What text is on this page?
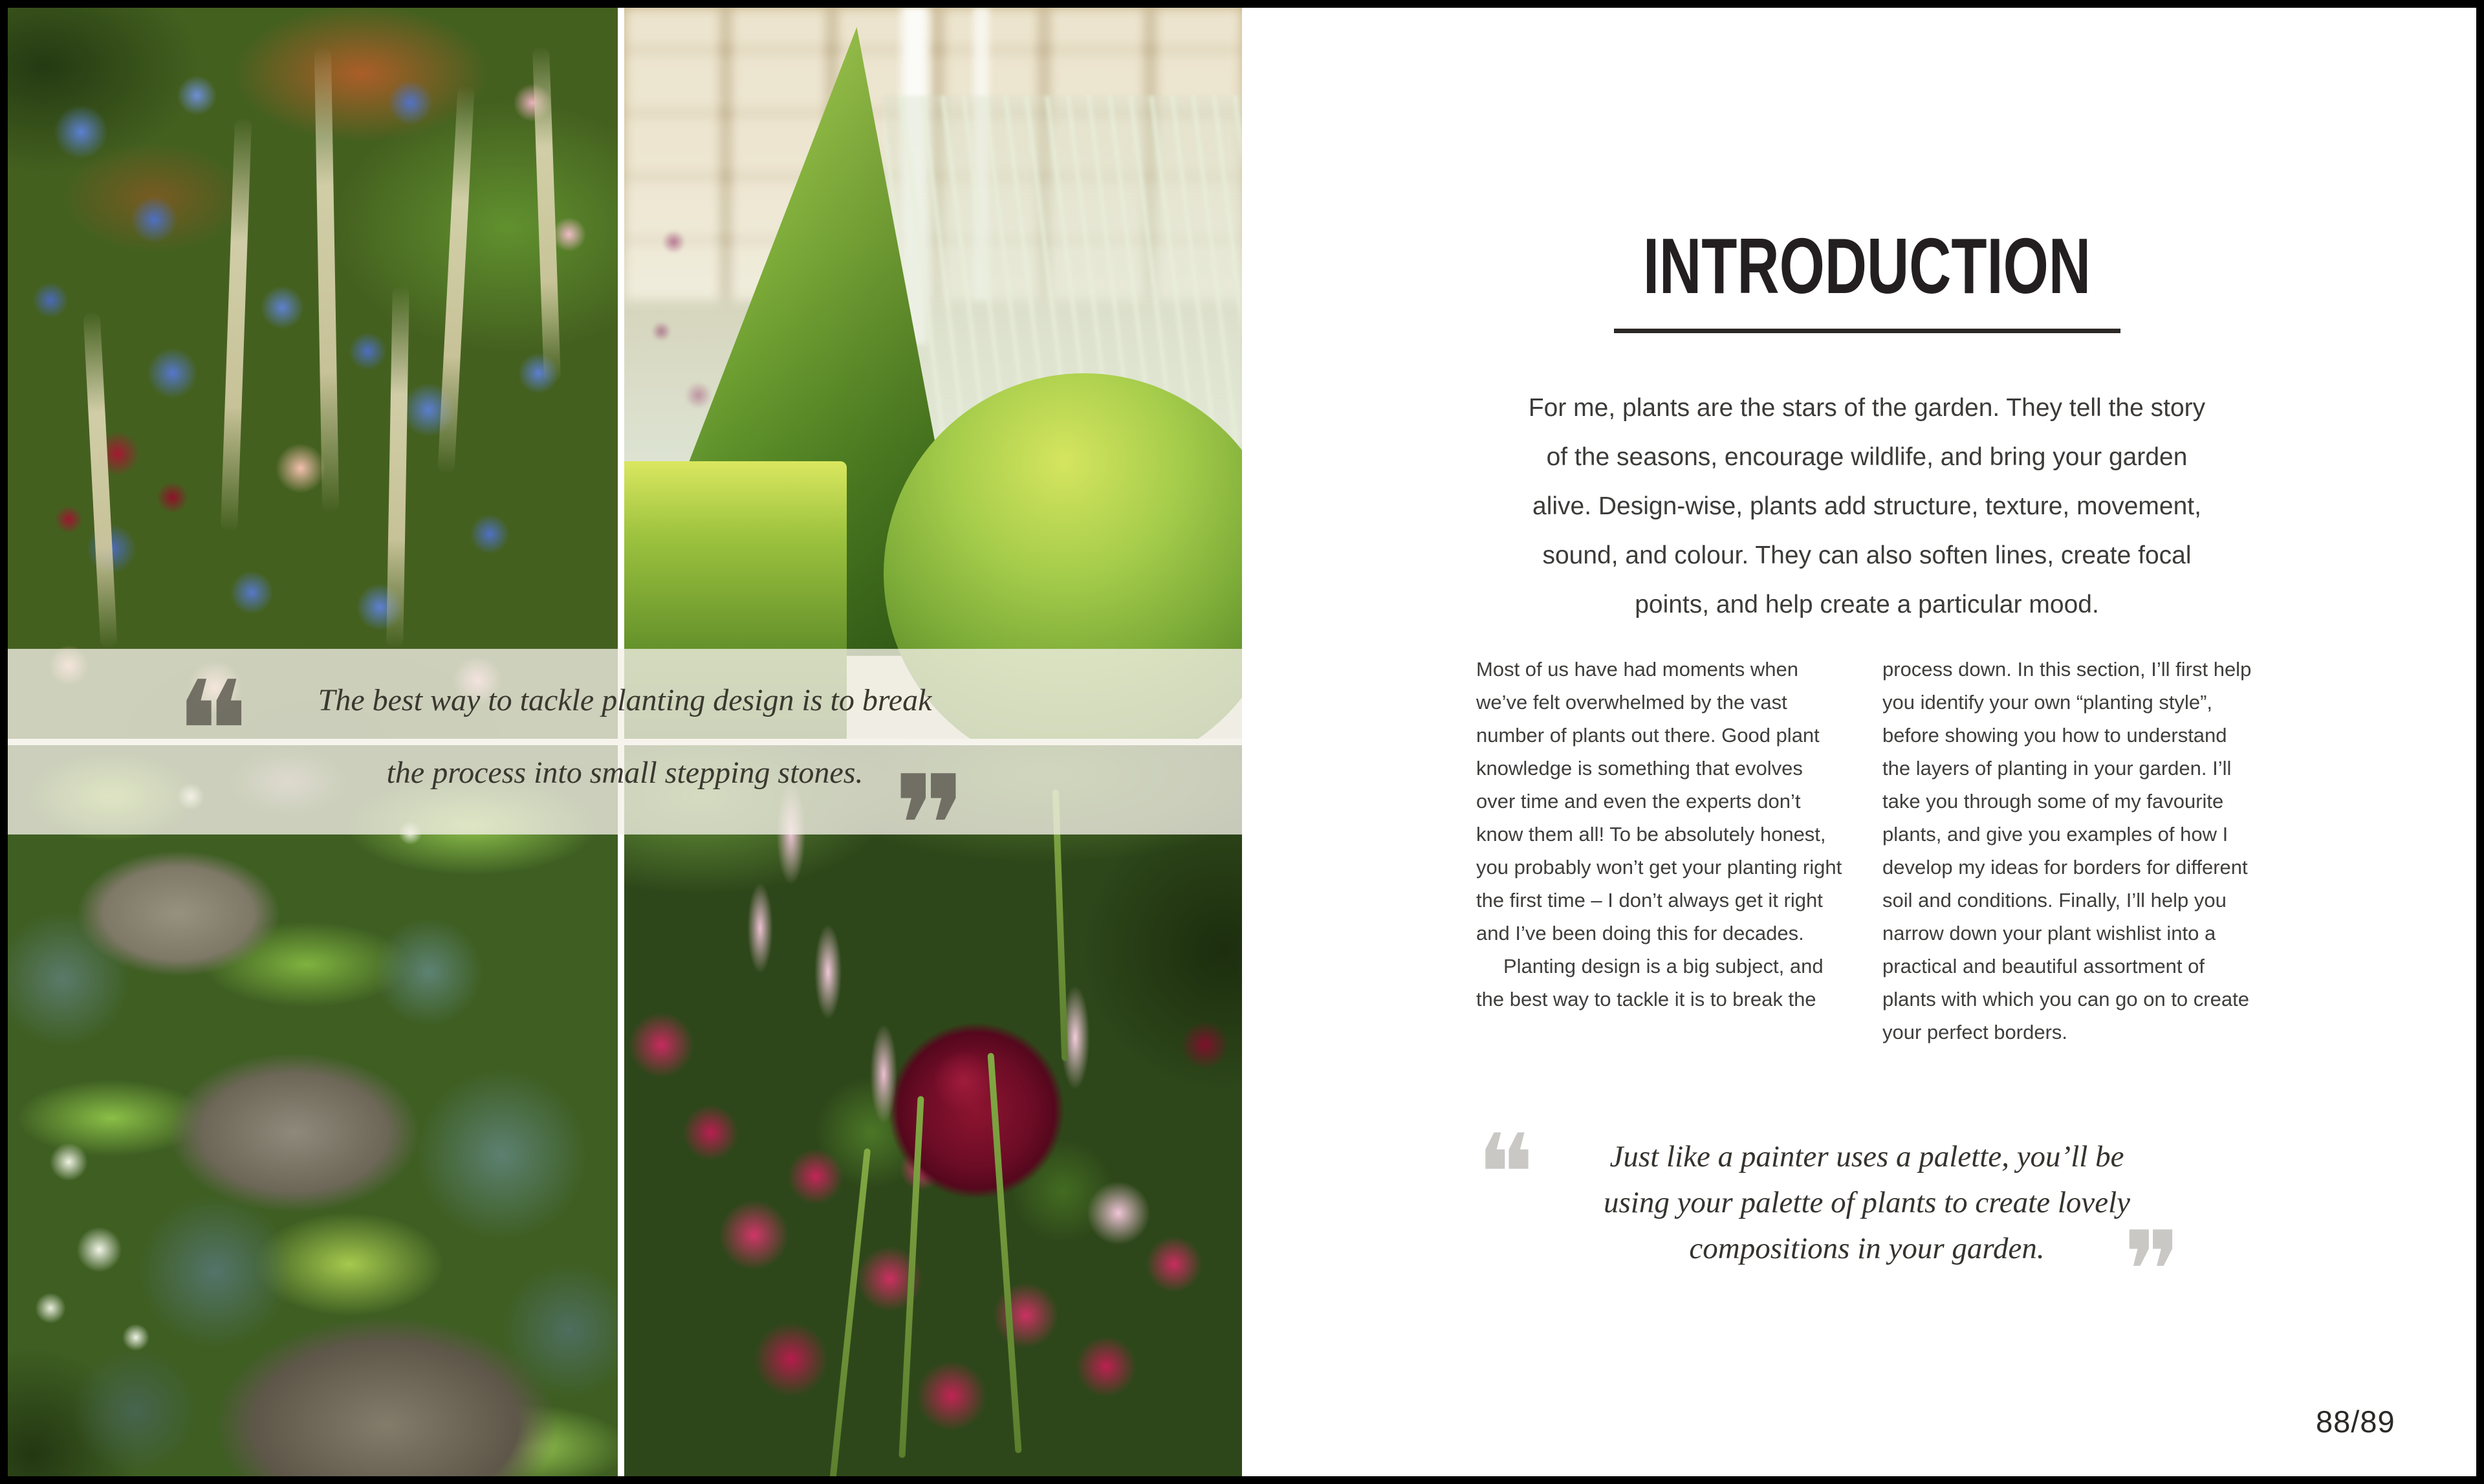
The best way to tackle planting design is to break
the process into small stepping stones.
❝
❞
INTRODUCTION
For me, plants are the stars of the garden. They tell the story
of the seasons, encourage wildlife, and bring your garden
alive. Design-wise, plants add structure, texture, movement,
sound, and colour. They can also soften lines, create focal
points, and help create a particular mood.

Most of us have had moments when we’ve felt overwhelmed by the vast number of plants out there. Good plant knowledge is something that evolves over time and even the experts don’t know them all! To be absolutely honest, you probably won’t get your planting right the first time – I don’t always get it right and I’ve been doing this for decades.

Planting design is a big subject, and the best way to tackle it is to break the

process down. In this section, I’ll first help you identify your own “planting style”, before showing you how to understand the layers of planting in your garden. I’ll take you through some of my favourite plants, and give you examples of how I develop my ideas for borders for different soil and conditions. Finally, I’ll help you narrow down your plant wishlist into a practical and beautiful assortment of plants with which you can go on to create your perfect borders.

❝	Just like a painter uses a palette, you’ll be
using your palette of plants to create lovely
compositions in your garden. ❞
88/89
